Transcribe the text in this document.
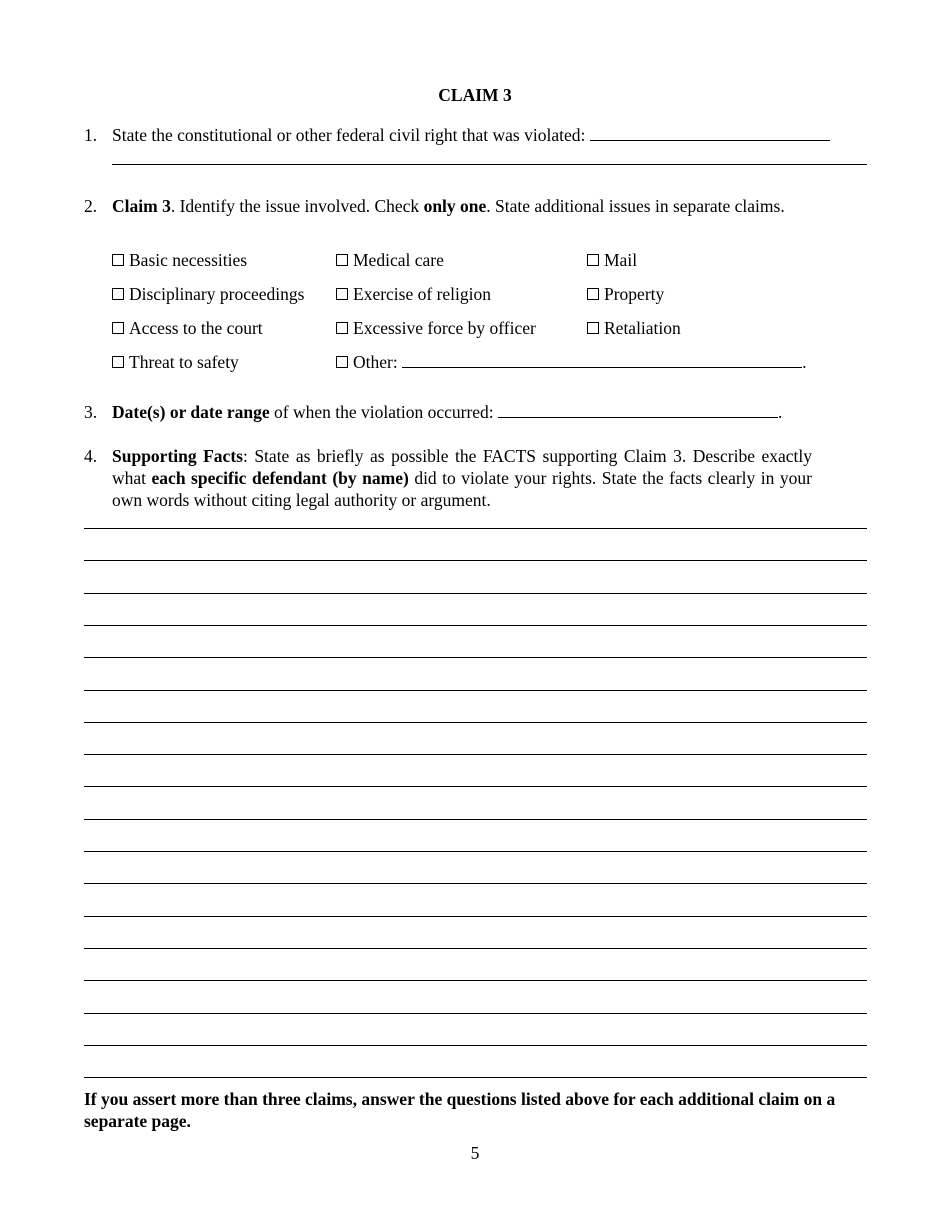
CLAIM 3
1. State the constitutional or other federal civil right that was violated:
2. Claim 3. Identify the issue involved. Check only one. State additional issues in separate claims.
Basic necessities	Medical care	Mail
Disciplinary proceedings	Exercise of religion	Property
Access to the court	Excessive force by officer	Retaliation
Threat to safety	Other:	.
3. Date(s) or date range of when the violation occurred:	.
4. Supporting Facts: State as briefly as possible the FACTS supporting Claim 3. Describe exactly what each specific defendant (by name) did to violate your rights. State the facts clearly in your own words without citing legal authority or argument.
If you assert more than three claims, answer the questions listed above for each additional claim on a separate page.
5
